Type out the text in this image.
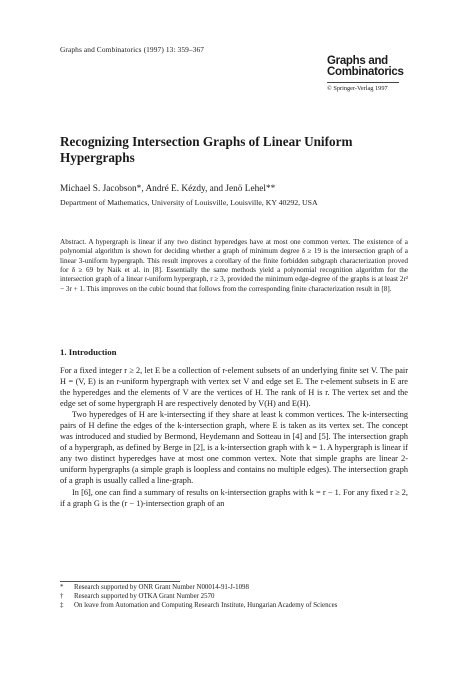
Graphs and Combinatorics (1997) 13: 359–367
Graphs and
Combinatorics
© Springer-Verlag 1997
Recognizing Intersection Graphs of Linear Uniform Hypergraphs
Michael S. Jacobson*, André E. Kézdy, and Jenö Lehel**
Department of Mathematics, University of Louisville, Louisville, KY 40292, USA
Abstract. A hypergraph is linear if any two distinct hyperedges have at most one common vertex. The existence of a polynomial algorithm is shown for deciding whether a graph of minimum degree δ ≥ 19 is the intersection graph of a linear 3-uniform hypergraph. This result improves a corollary of the finite forbidden subgraph characterization proved for δ ≥ 69 by Naik et al. in [8]. Essentially the same methods yield a polynomial recognition algorithm for the intersection graph of a linear r-uniform hypergraph, r ≥ 3, provided the minimum edge-degree of the graphs is at least 2r² − 3r + 1. This improves on the cubic bound that follows from the corresponding finite characterization result in [8].
1. Introduction

For a fixed integer r ≥ 2, let E be a collection of r-element subsets of an underlying finite set V. The pair H = (V, E) is an r-uniform hypergraph with vertex set V and edge set E. The r-element subsets in E are the hyperedges and the elements of V are the vertices of H. The rank of H is r. The vertex set and the edge set of some hypergraph H are respectively denoted by V(H) and E(H).

Two hyperedges of H are k-intersecting if they share at least k common vertices. The k-intersecting pairs of H define the edges of the k-intersection graph, where E is taken as its vertex set. The concept was introduced and studied by Bermond, Heydemann and Sotteau in [4] and [5]. The intersection graph of a hypergraph, as defined by Berge in [2], is a k-intersection graph with k = 1. A hypergraph is linear if any two distinct hyperedges have at most one common vertex. Note that simple graphs are linear 2-uniform hypergraphs (a simple graph is loopless and contains no multiple edges). The intersection graph of a graph is usually called a line-graph.

In [6], one can find a summary of results on k-intersection graphs with k = r − 1. For any fixed r ≥ 2, if a graph G is the (r − 1)-intersection graph of an

* Research supported by ONR Grant Number N00014-91-J-1098
† Research supported by OTKA Grant Number 2570
‡ On leave from Automation and Computing Research Institute, Hungarian Academy of Sciences
